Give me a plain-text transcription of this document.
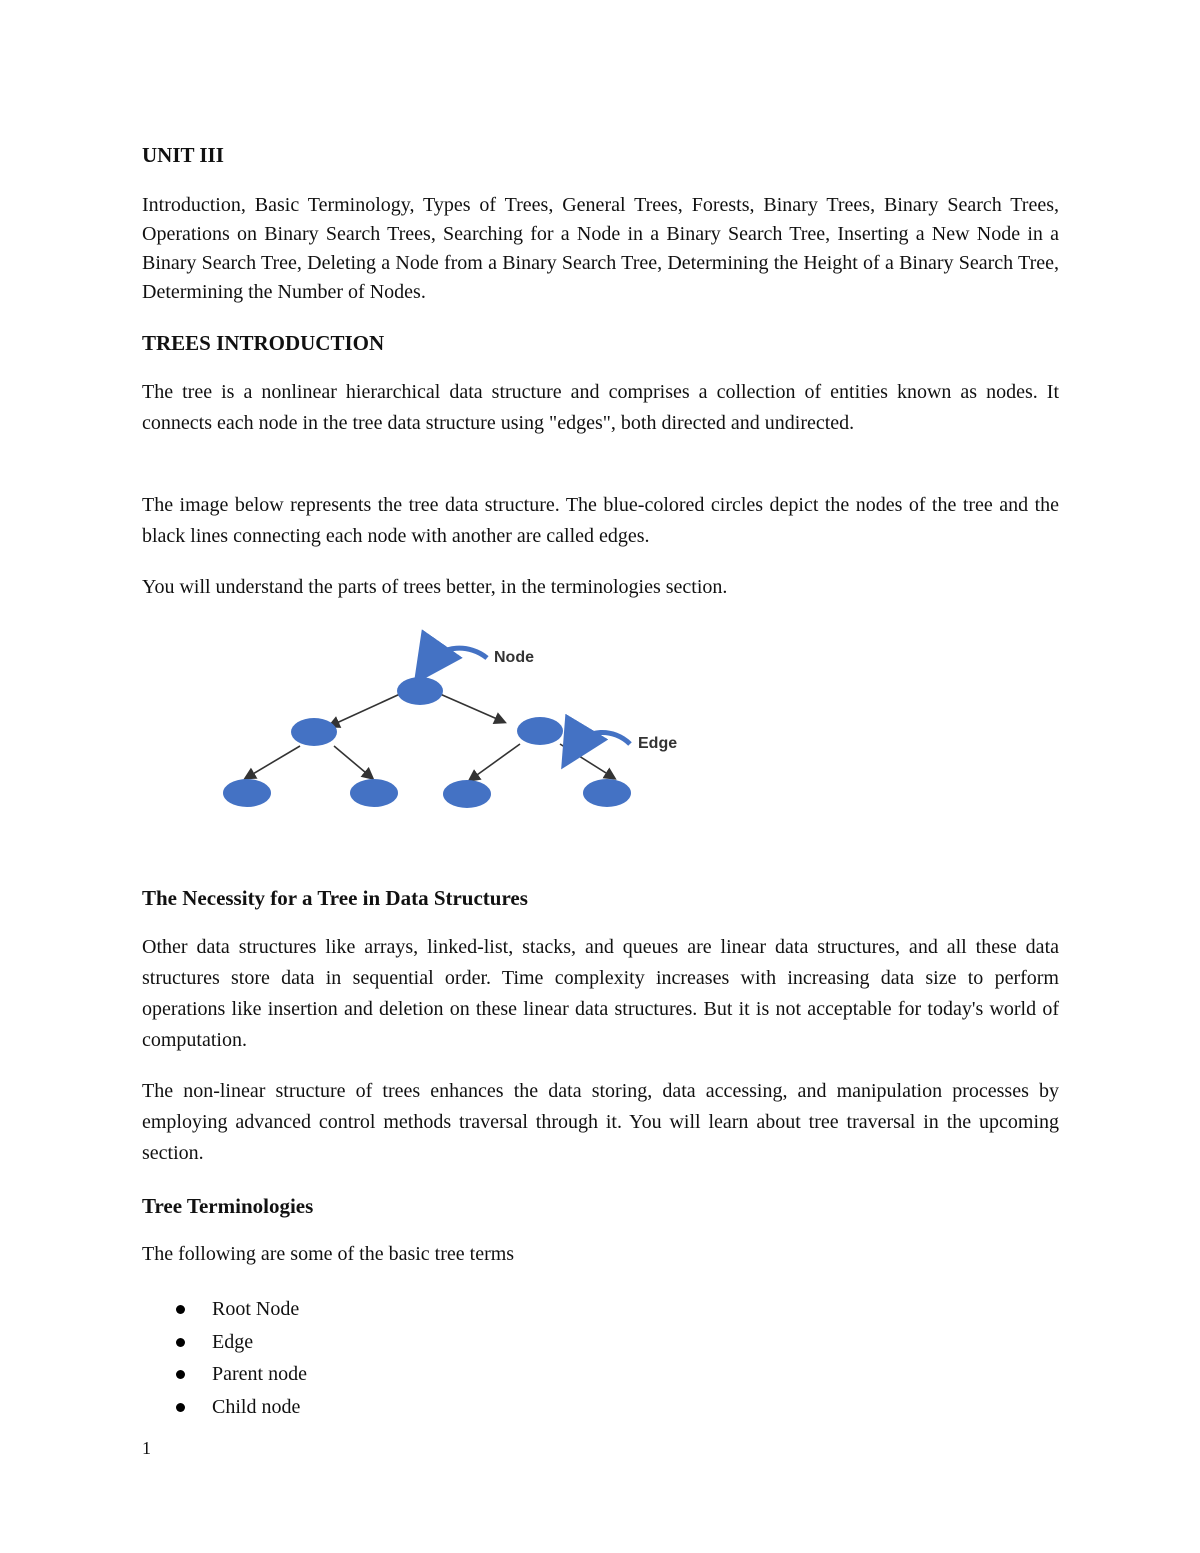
UNIT III

Introduction, Basic Terminology, Types of Trees, General Trees, Forests, Binary Trees, Binary Search Trees, Operations on Binary Search Trees, Searching for a Node in a Binary Search Tree, Inserting a New Node in a Binary Search Tree, Deleting a Node from a Binary Search Tree, Determining the Height of a Binary Search Tree, Determining the Number of Nodes.

TREES INTRODUCTION

The tree is a nonlinear hierarchical data structure and comprises a collection of entities known as nodes. It connects each node in the tree data structure using "edges", both directed and undirected.

The image below represents the tree data structure. The blue-colored circles depict the nodes of the tree and the black lines connecting each node with another are called edges.

You will understand the parts of trees better, in the terminologies section.

Node
Edge
The Necessity for a Tree in Data Structures

Other data structures like arrays, linked-list, stacks, and queues are linear data structures, and all these data structures store data in sequential order. Time complexity increases with increasing data size to perform operations like insertion and deletion on these linear data structures. But it is not acceptable for today's world of computation.

The non-linear structure of trees enhances the data storing, data accessing, and manipulation processes by employing advanced control methods traversal through it. You will learn about tree traversal in the upcoming section.

Tree Terminologies

The following are some of the basic tree terms

Root Node
Edge
Parent node
Child node
1
